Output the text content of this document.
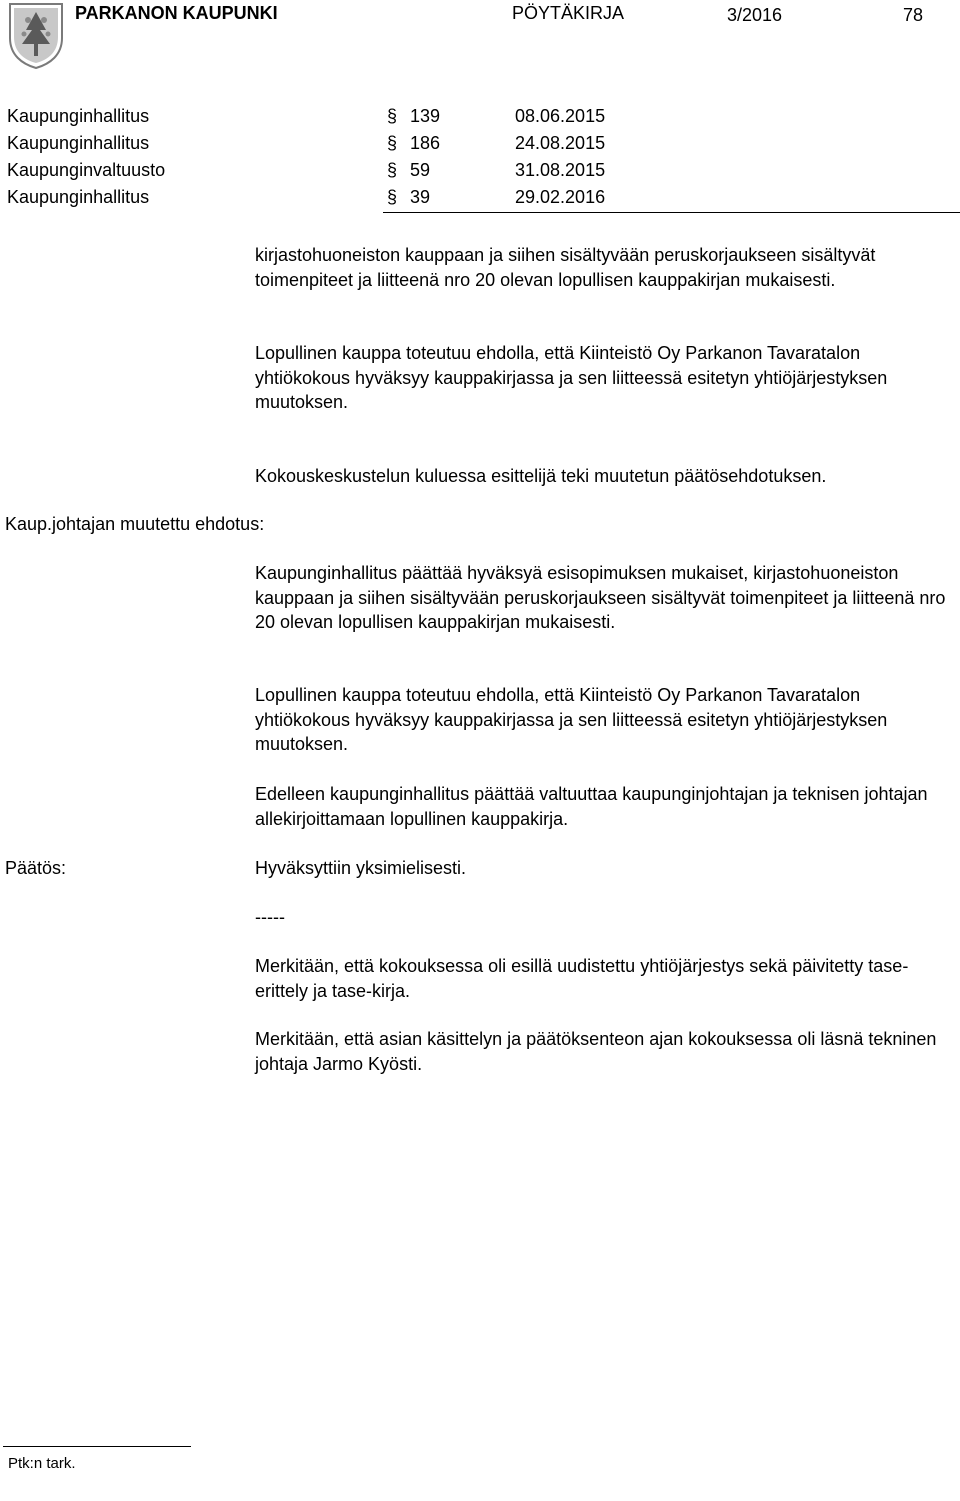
PARKANON KAUPUNKI	PÖYTÄKIRJA	3/2016	78
Kaupunginhallitus	§ 139	08.06.2015
Kaupunginhallitus	§ 186	24.08.2015
Kaupunginvaltuusto	§ 59	31.08.2015
Kaupunginhallitus	§ 39	29.02.2016

kirjastohuoneiston kauppaan ja siihen sisältyvään peruskorjaukseen sisältyvät toimenpiteet ja liitteenä nro 20 olevan lopullisen kauppakirjan mukaisesti.

Lopullinen kauppa toteutuu ehdolla, että Kiinteistö Oy Parkanon Tavaratalon yhtiökokous hyväksyy kauppakirjassa ja sen liitteessä esitetyn yhtiöjärjestyksen muutoksen.

Kokouskeskustelun kuluessa esittelijä teki muutetun päätösehdotuksen.

Kaup.johtajan muutettu ehdotus:

Kaupunginhallitus päättää hyväksyä esisopimuksen mukaiset, kirjastohuoneiston kauppaan ja siihen sisältyvään peruskorjaukseen sisältyvät toimenpiteet ja liitteenä nro 20 olevan lopullisen kauppakirjan mukaisesti.

Lopullinen kauppa toteutuu ehdolla, että Kiinteistö Oy Parkanon Tavaratalon yhtiökokous hyväksyy kauppakirjassa ja sen liitteessä esitetyn yhtiöjärjestyksen muutoksen.

Edelleen kaupunginhallitus päättää valtuuttaa kaupunginjohtajan ja teknisen johtajan allekirjoittamaan lopullinen kauppakirja.

Päätös:	Hyväksyttiin yksimielisesti.

-----

Merkitään, että kokouksessa oli esillä uudistettu yhtiöjärjestys sekä päivitetty tase-erittely ja tase-kirja.

Merkitään, että asian käsittelyn ja päätöksenteon ajan kokouksessa oli läsnä tekninen johtaja Jarmo Kyösti.

Ptk:n tark.
